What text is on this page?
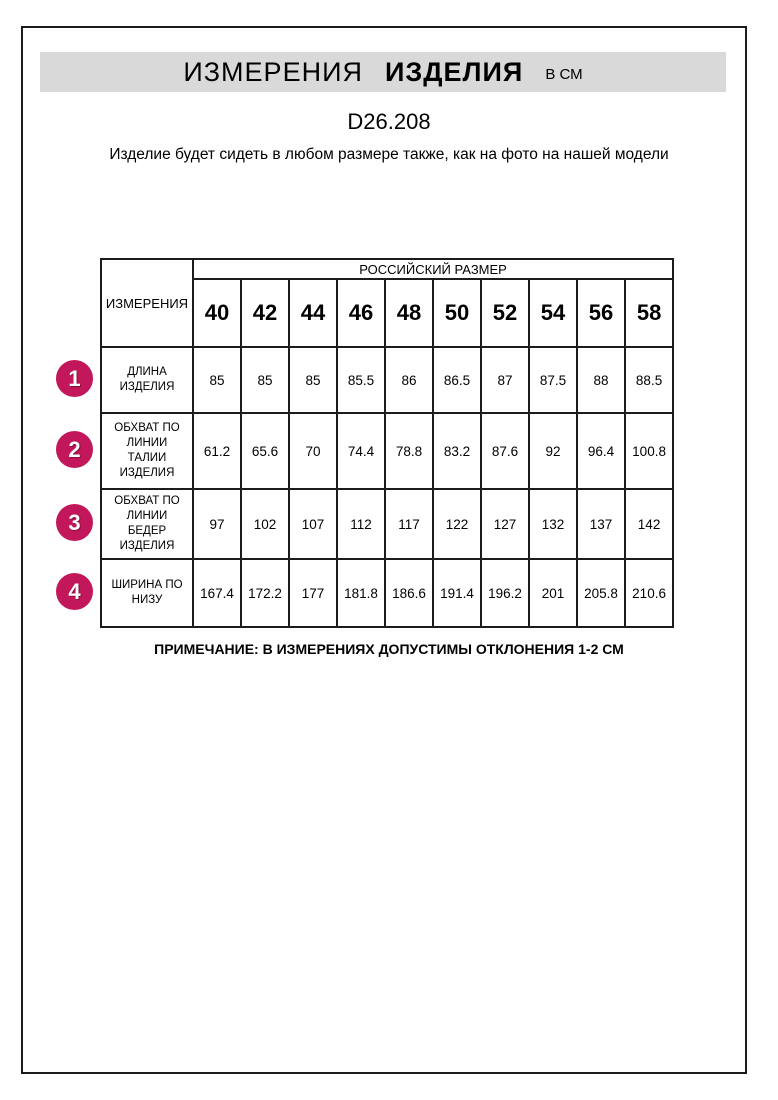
ИЗМЕРЕНИЯ ИЗДЕЛИЯ В СМ
D26.208
Изделие будет сидеть в любом размере также, как на фото на нашей модели
ИЗМЕРЕНИЯ	РОССИЙСКИЙ РАЗМЕР									
	40	42	44	46	48	50	52	54	56	58
ДЛИНА ИЗДЕЛИЯ	85	85	85	85.5	86	86.5	87	87.5	88	88.5
ОБХВАТ ПО ЛИНИИ ТАЛИИ ИЗДЕЛИЯ	61.2	65.6	70	74.4	78.8	83.2	87.6	92	96.4	100.8
ОБХВАТ ПО ЛИНИИ БЕДЕР ИЗДЕЛИЯ	97	102	107	112	117	122	127	132	137	142
ШИРИНА ПО НИЗУ	167.4	172.2	177	181.8	186.6	191.4	196.2	201	205.8	210.6
1
2
3
4
ПРИМЕЧАНИЕ: В ИЗМЕРЕНИЯХ ДОПУСТИМЫ ОТКЛОНЕНИЯ 1-2 СМ
